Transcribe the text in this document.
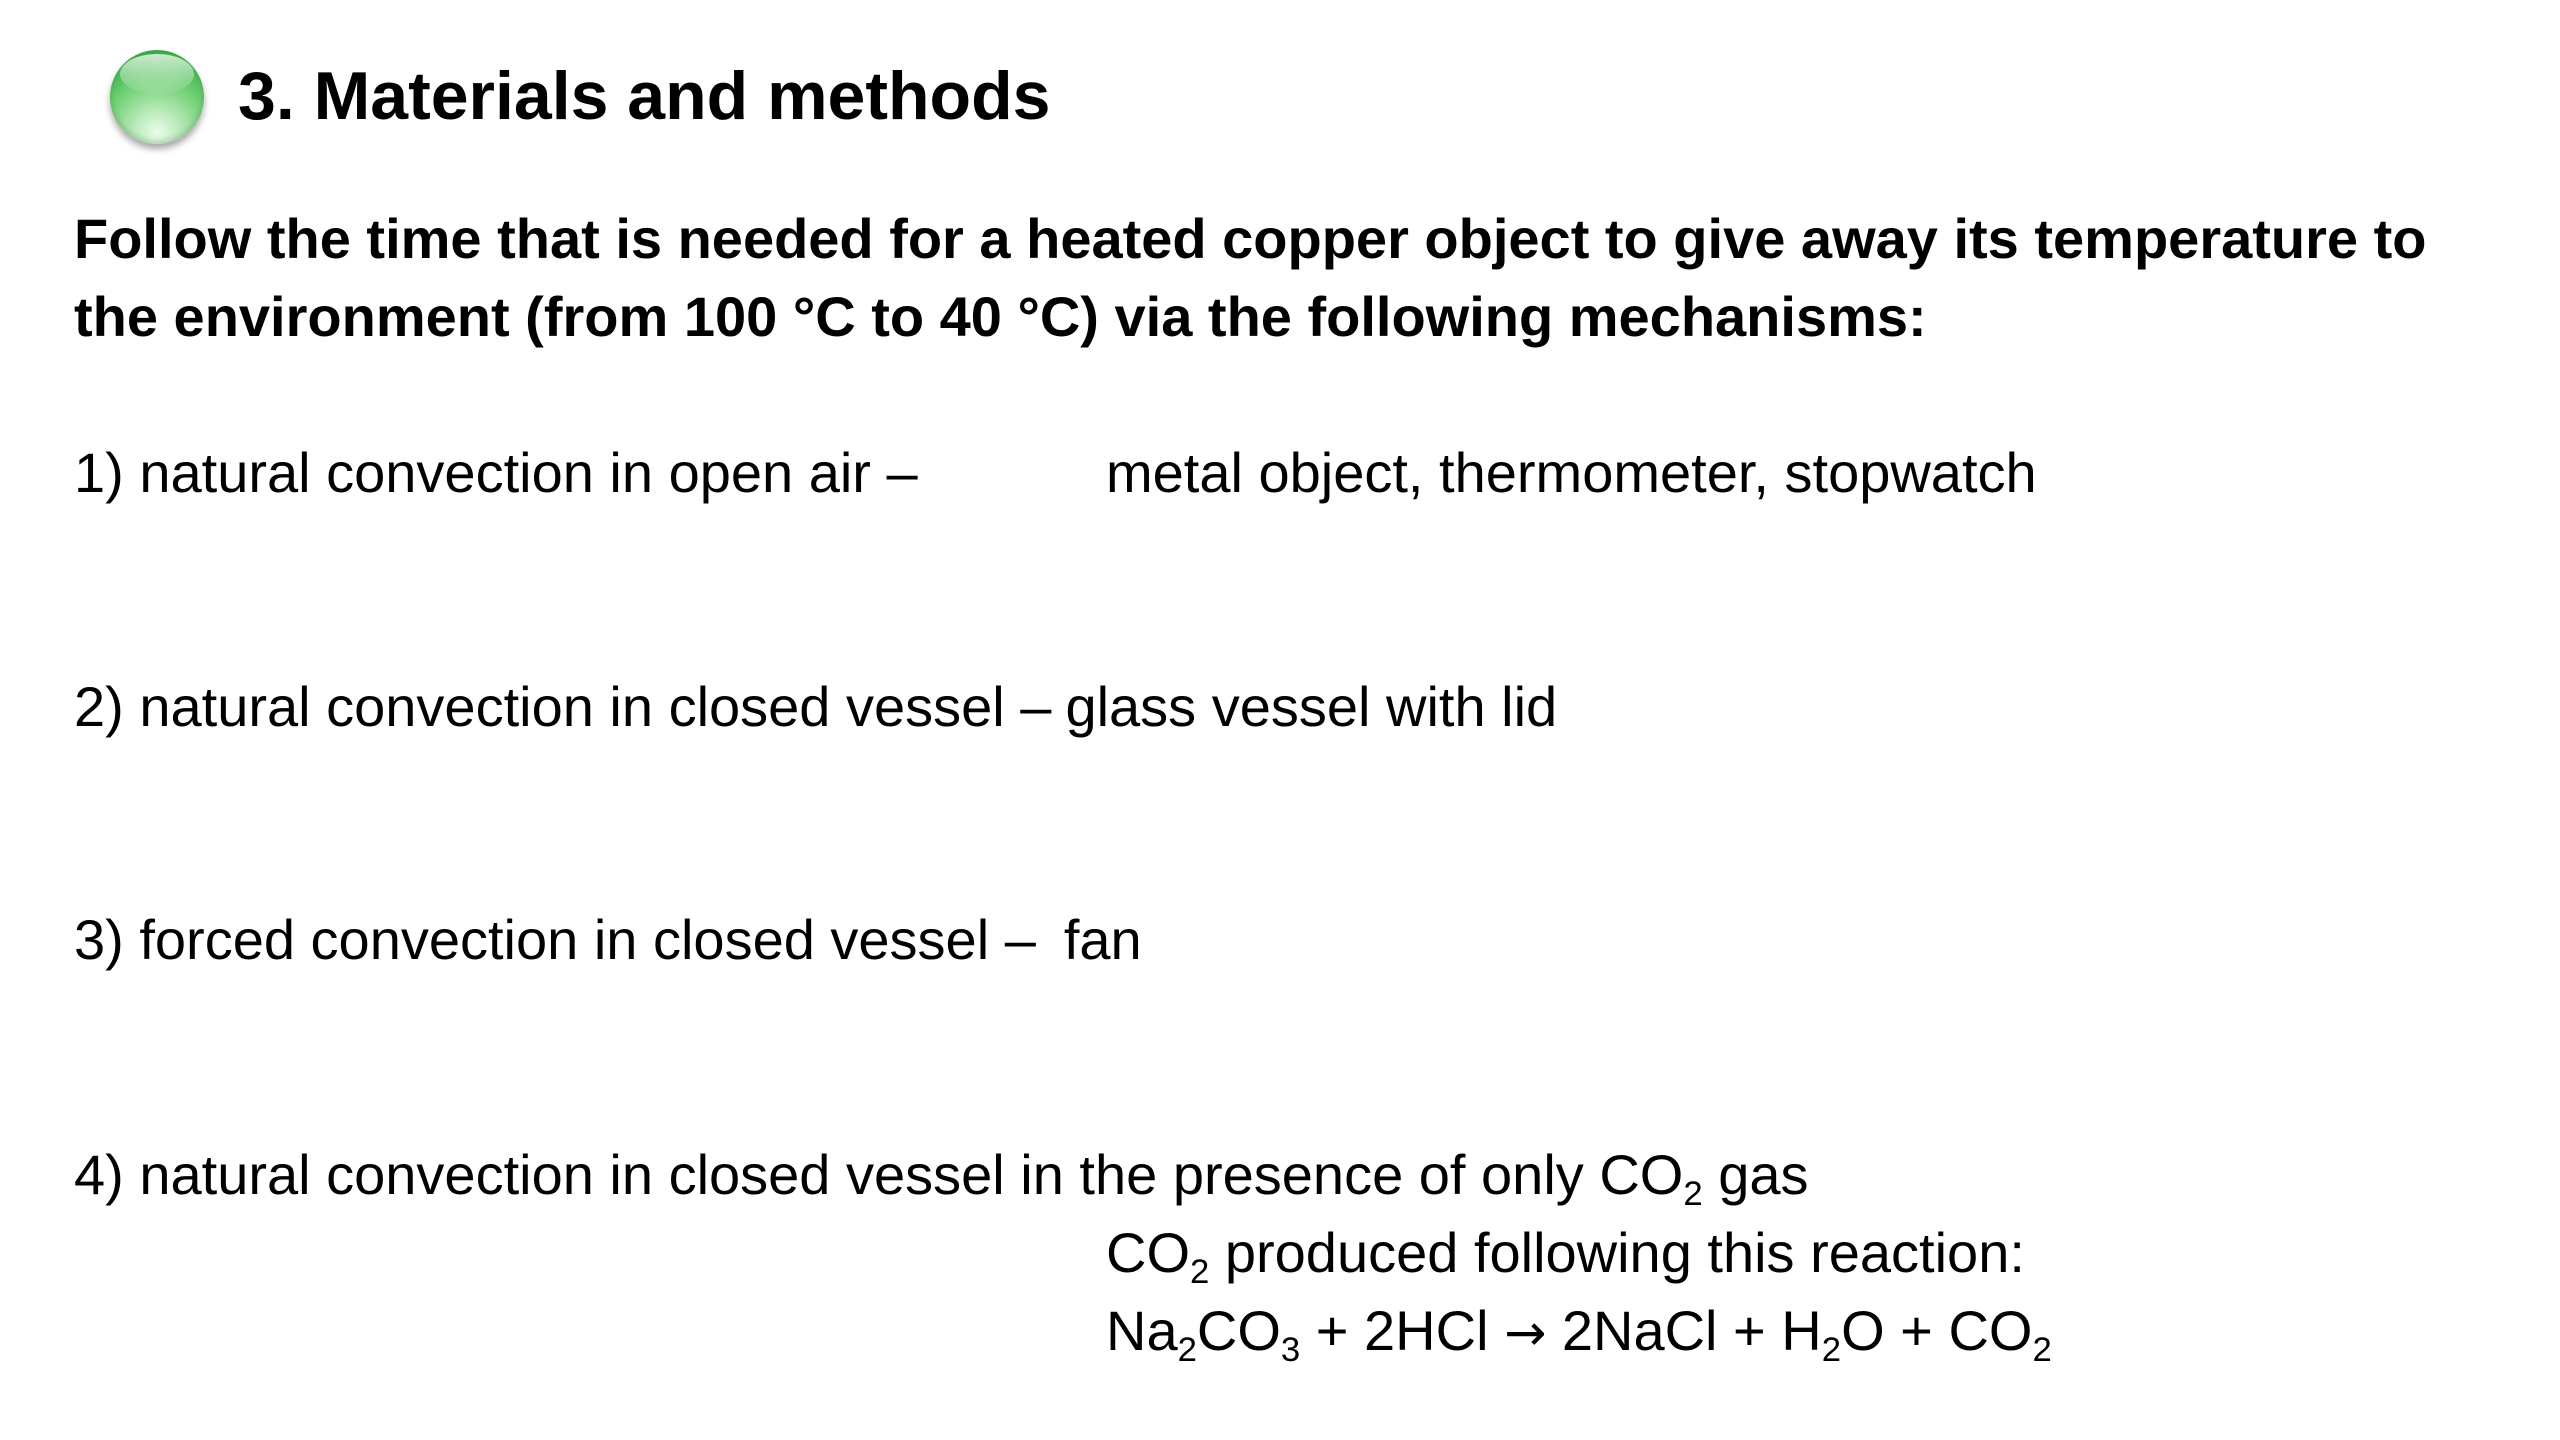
3. Materials and methods
Follow the time that is needed for a heated copper object to give away its temperature to the environment (from 100 °C to 40 °C) via the following mechanisms:
1) natural convection in open air –	metal object, thermometer, stopwatch
2) natural convection in closed vessel – glass vessel with lid
3) forced convection in closed vessel – fan
4) natural convection in closed vessel in the presence of only $CO_2$ gas
$CO_2$ produced following this reaction:
$Na_2CO_3 + 2HCl$ → 2NaCl + $H_2O + CO_2$
